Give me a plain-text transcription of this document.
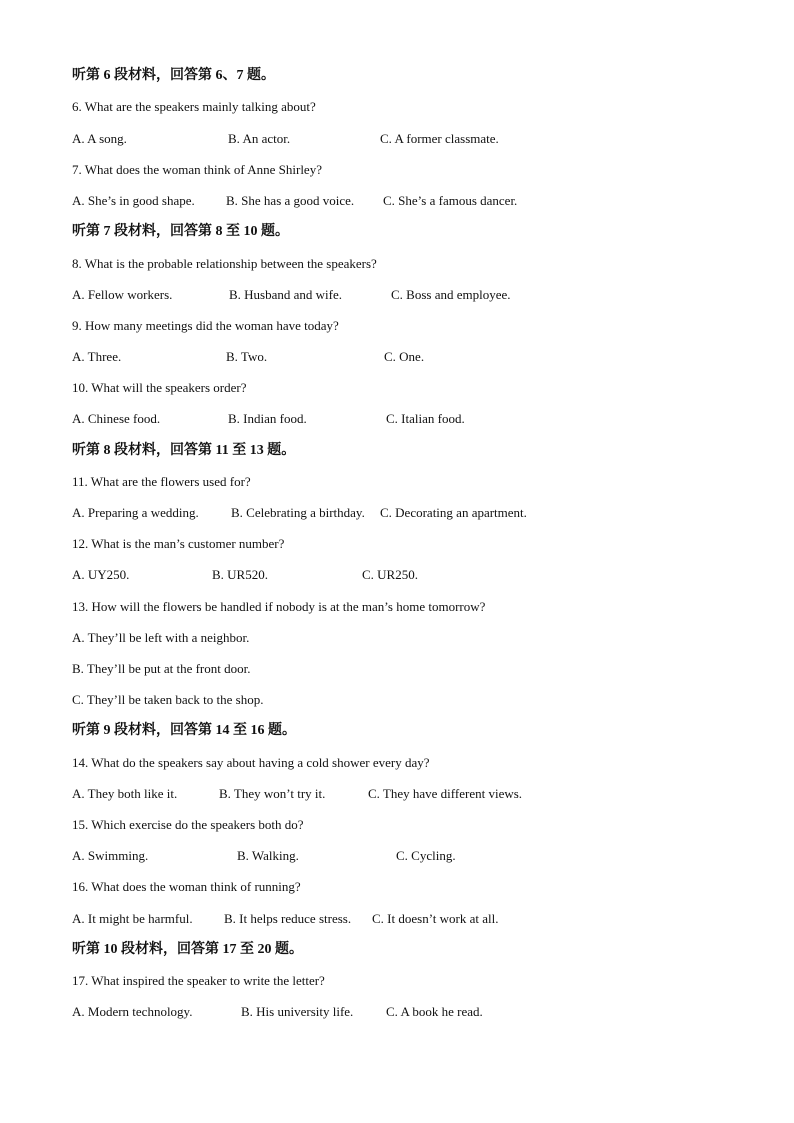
听第 6 段材料，回答第 6、7 题。
6. What are the speakers mainly talking about?
A. A song.	B. An actor.	C. A former classmate.
7. What does the woman think of Anne Shirley?
A. She’s in good shape. B. She has a good voice. C. She’s a famous dancer.
听第 7 段材料，回答第 8 至 10 题。
8. What is the probable relationship between the speakers?
A. Fellow workers.	B. Husband and wife.	C. Boss and employee.
9. How many meetings did the woman have today?
A. Three.	B. Two.	C. One.
10. What will the speakers order?
A. Chinese food.	B. Indian food.	C. Italian food.
听第 8 段材料，回答第 11 至 13 题。
11. What are the flowers used for?
A. Preparing a wedding. B. Celebrating a birthday. C. Decorating an apartment.
12. What is the man’s customer number?
A. UY250.	B. UR520.	C. UR250.
13. How will the flowers be handled if nobody is at the man’s home tomorrow?
A. They’ll be left with a neighbor.
B. They’ll be put at the front door.
C. They’ll be taken back to the shop.
听第 9 段材料，回答第 14 至 16 题。
14. What do the speakers say about having a cold shower every day?
A. They both like it.	B. They won’t try it.	C. They have different views.
15. Which exercise do the speakers both do?
A. Swimming.	B. Walking.	C. Cycling.
16. What does the woman think of running?
A. It might be harmful. B. It helps reduce stress. C. It doesn’t work at all.
听第 10 段材料，回答第 17 至 20 题。
17. What inspired the speaker to write the letter?
A. Modern technology.	B. His university life.	C. A book he read.
